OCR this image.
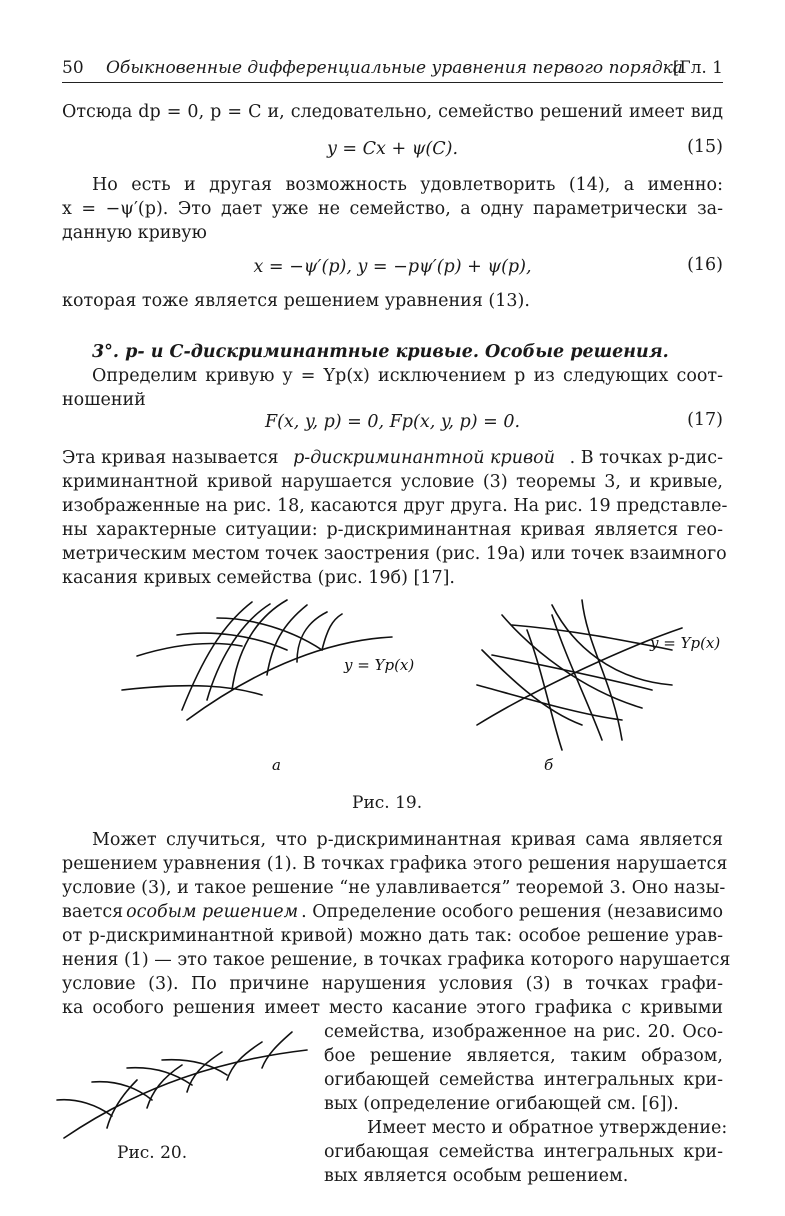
50 Обыкновенные дифференциальные уравнения первого порядка
[Гл. 1
Отсюда dp = 0, p = C и, следовательно, семейство решений имеет вид
y = Cx + ψ(C).	(15)
Но есть и другая возможность удовлетворить (14), а именно:
x = −ψ′(p). Это дает уже не семейство, а одну параметрически за-
данную кривую
x = −ψ′(p), y = −pψ′(p) + ψ(p),	(16)
которая тоже является решением уравнения (13).
3°. p- и C-дискриминантные кривые. Особые решения.
Определим кривую y = Yp(x) исключением p из следующих соот-
ношений
F(x, y, p) = 0, Fp(x, y, p) = 0.	(17)
Эта кривая называется p-дискриминантной кривой . В точках p-дис-
криминантной кривой нарушается условие (3) теоремы 3, и кривые,
изображенные на рис. 18, касаются друг друга. На рис. 19 представле-
ны характерные ситуации: p-дискриминантная кривая является гео-
метрическим местом точек заострения (рис. 19а) или точек взаимного
касания кривых семейства (рис. 19б) [17].
y = Yp(x)
y = Yp(x)
а	б
Рис. 19.
Может случиться, что p-дискриминантная кривая сама является
решением уравнения (1). В точках графика этого решения нарушается
условие (3), и такое решение “не улавливается” теоремой 3. Оно назы-
вается особым решением . Определение особого решения (независимо
от p-дискриминантной кривой) можно дать так: особое решение урав-
нения (1) — это такое решение, в точках графика которого нарушается
условие (3). По причине нарушения условия (3) в точках графи-
ка особого решения имеет место касание этого графика с кривыми
семейства, изображенное на рис. 20. Осо-
бое решение является, таким образом,
огибающей семейства интегральных кри-
вых (определение огибающей см. [6]).
Имеет место и обратное утверждение:
огибающая семейства интегральных кри-
вых является особым решением.
Рис. 20.
